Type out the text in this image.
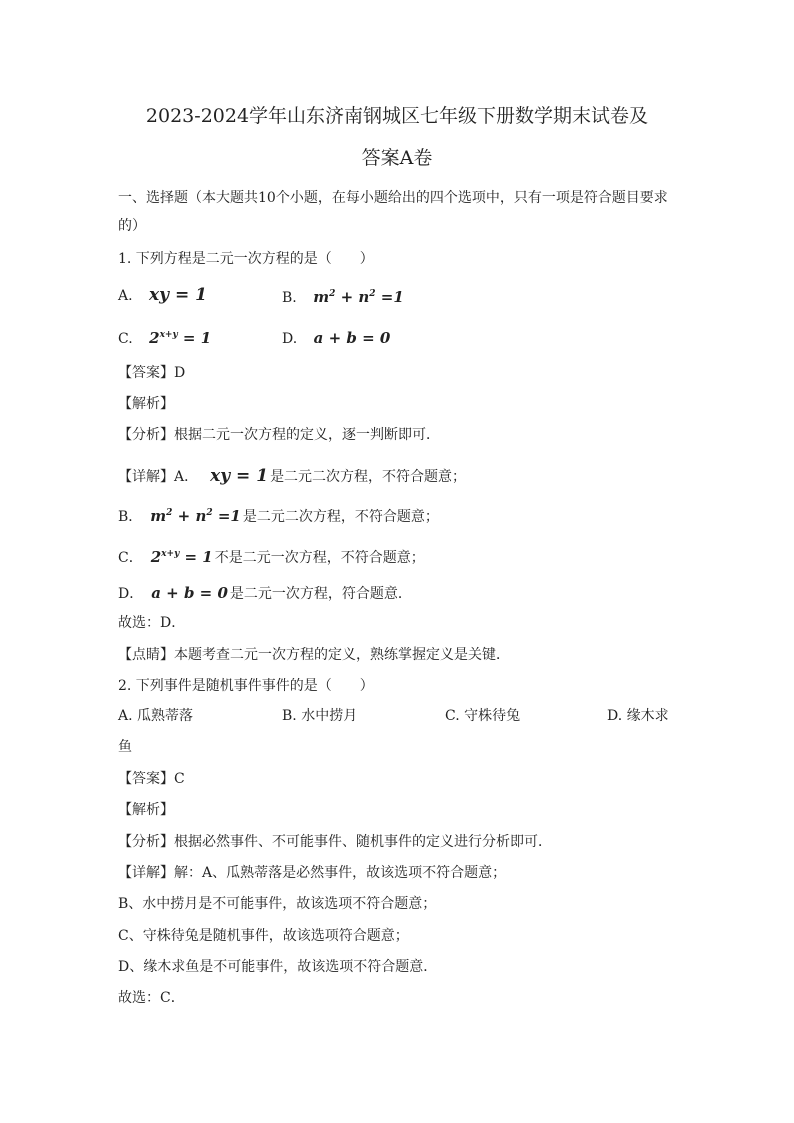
2023-2024学年山东济南钢城区七年级下册数学期末试卷及
答案A卷
一、选择题（本大题共10个小题，在每小题给出的四个选项中，只有一项是符合题目要求
的）
1. 下列方程是二元一次方程的是（　　）
A. xy = 1	B. $m^2 + n^2 =1$
C. $2^{x+y} = 1$	D. a + b = 0
【答案】D
【解析】
【分析】根据二元一次方程的定义，逐一判断即可．
【详解】A． xy = 1 是二元二次方程，不符合题意；
B． $m^2 + n^2 =1$ 是二元二次方程，不符合题意；
C． $2^{x+y} = 1$ 不是二元一次方程，不符合题意；
D． a + b = 0 是二元一次方程，符合题意．
故选：D．
【点睛】本题考查二元一次方程的定义，熟练掌握定义是关键．
2. 下列事件是随机事件事件的是（　　）
A. 瓜熟蒂落	B. 水中捞月	C. 守株待兔	D. 缘木求
鱼
【答案】C
【解析】
【分析】根据必然事件、不可能事件、随机事件的定义进行分析即可．
【详解】解：A、瓜熟蒂落是必然事件，故该选项不符合题意；
B、水中捞月是不可能事件，故该选项不符合题意；
C、守株待兔是随机事件，故该选项符合题意；
D、缘木求鱼是不可能事件，故该选项不符合题意．
故选：C．
